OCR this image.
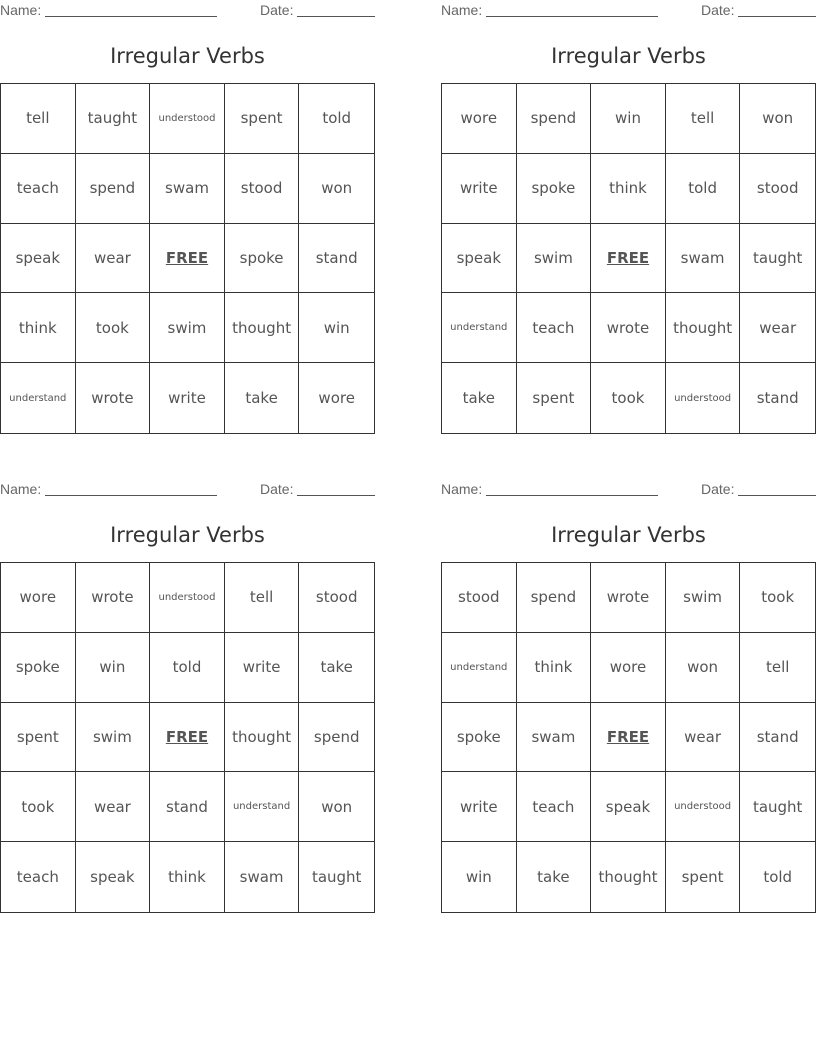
Name:	Date:
Irregular Verbs
tell	taught	understood	spent	told
teach	spend	swam	stood	won
speak	wear	FREE	spoke	stand
think	took	swim	thought	win
understand	wrote	write	take	wore
Name:	Date:
Irregular Verbs
wore	spend	win	tell	won
write	spoke	think	told	stood
speak	swim	FREE	swam	taught
understand	teach	wrote	thought	wear
take	spent	took	understood	stand
Name:	Date:
Irregular Verbs
wore	wrote	understood	tell	stood
spoke	win	told	write	take
spent	swim	FREE	thought	spend
took	wear	stand	understand	won
teach	speak	think	swam	taught
Name:	Date:
Irregular Verbs
stood	spend	wrote	swim	took
understand	think	wore	won	tell
spoke	swam	FREE	wear	stand
write	teach	speak	understood	taught
win	take	thought	spent	told
